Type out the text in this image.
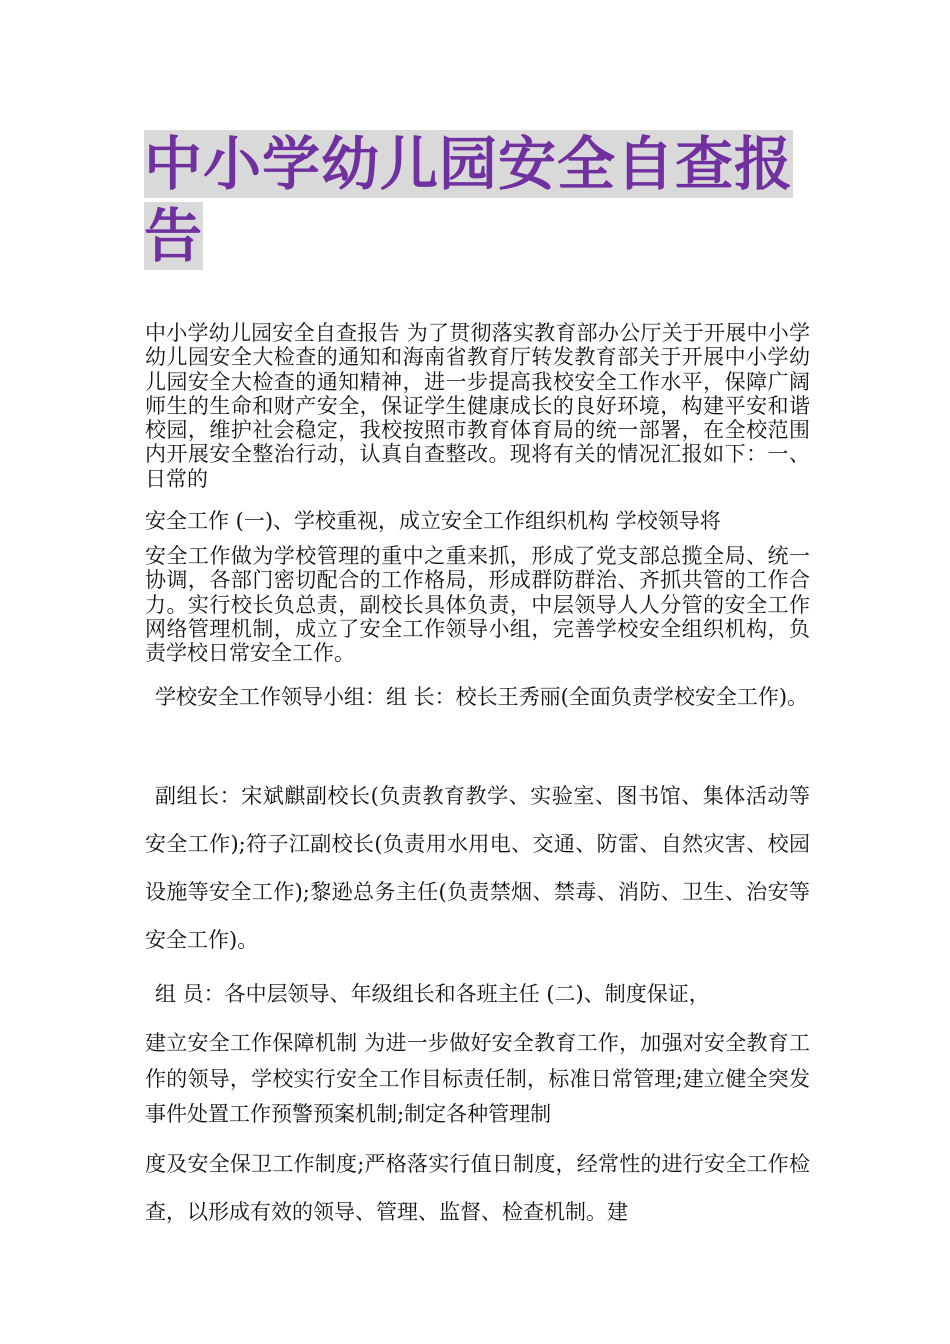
中小学幼儿园安全自查报
告

中小学幼儿园安全自查报告 为了贯彻落实教育部办公厅关于开展中小学幼儿园安全大检查的通知和海南省教育厅转发教育部关于开展中小学幼儿园安全大检查的通知精神，进一步提高我校安全工作水平，保障广阔师生的生命和财产安全，保证学生健康成长的良好环境，构建平安和谐校园，维护社会稳定，我校按照市教育体育局的统一部署，在全校范围内开展安全整治行动，认真自查整改。现将有关的情况汇报如下：一、日常的

安全工作 (一)、学校重视，成立安全工作组织机构 学校领导将

安全工作做为学校管理的重中之重来抓，形成了党支部总揽全局、统一协调，各部门密切配合的工作格局，形成群防群治、齐抓共管的工作合力。实行校长负总责，副校长具体负责，中层领导人人分管的安全工作网络管理机制，成立了安全工作领导小组，完善学校安全组织机构，负责学校日常安全工作。

学校安全工作领导小组：组 长：校长王秀丽(全面负责学校安全工作)。

副组长：宋斌麒副校长(负责教育教学、实验室、图书馆、集体活动等安全工作);符子江副校长(负责用水用电、交通、防雷、自然灾害、校园设施等安全工作);黎逊总务主任(负责禁烟、禁毒、消防、卫生、治安等安全工作)。

组 员：各中层领导、年级组长和各班主任 (二)、制度保证，

建立安全工作保障机制 为进一步做好安全教育工作，加强对安全教育工作的领导，学校实行安全工作目标责任制，标准日常管理;建立健全突发事件处置工作预警预案机制;制定各种管理制

度及安全保卫工作制度;严格落实行值日制度，经常性的进行安全工作检查，以形成有效的领导、管理、监督、检查机制。建
